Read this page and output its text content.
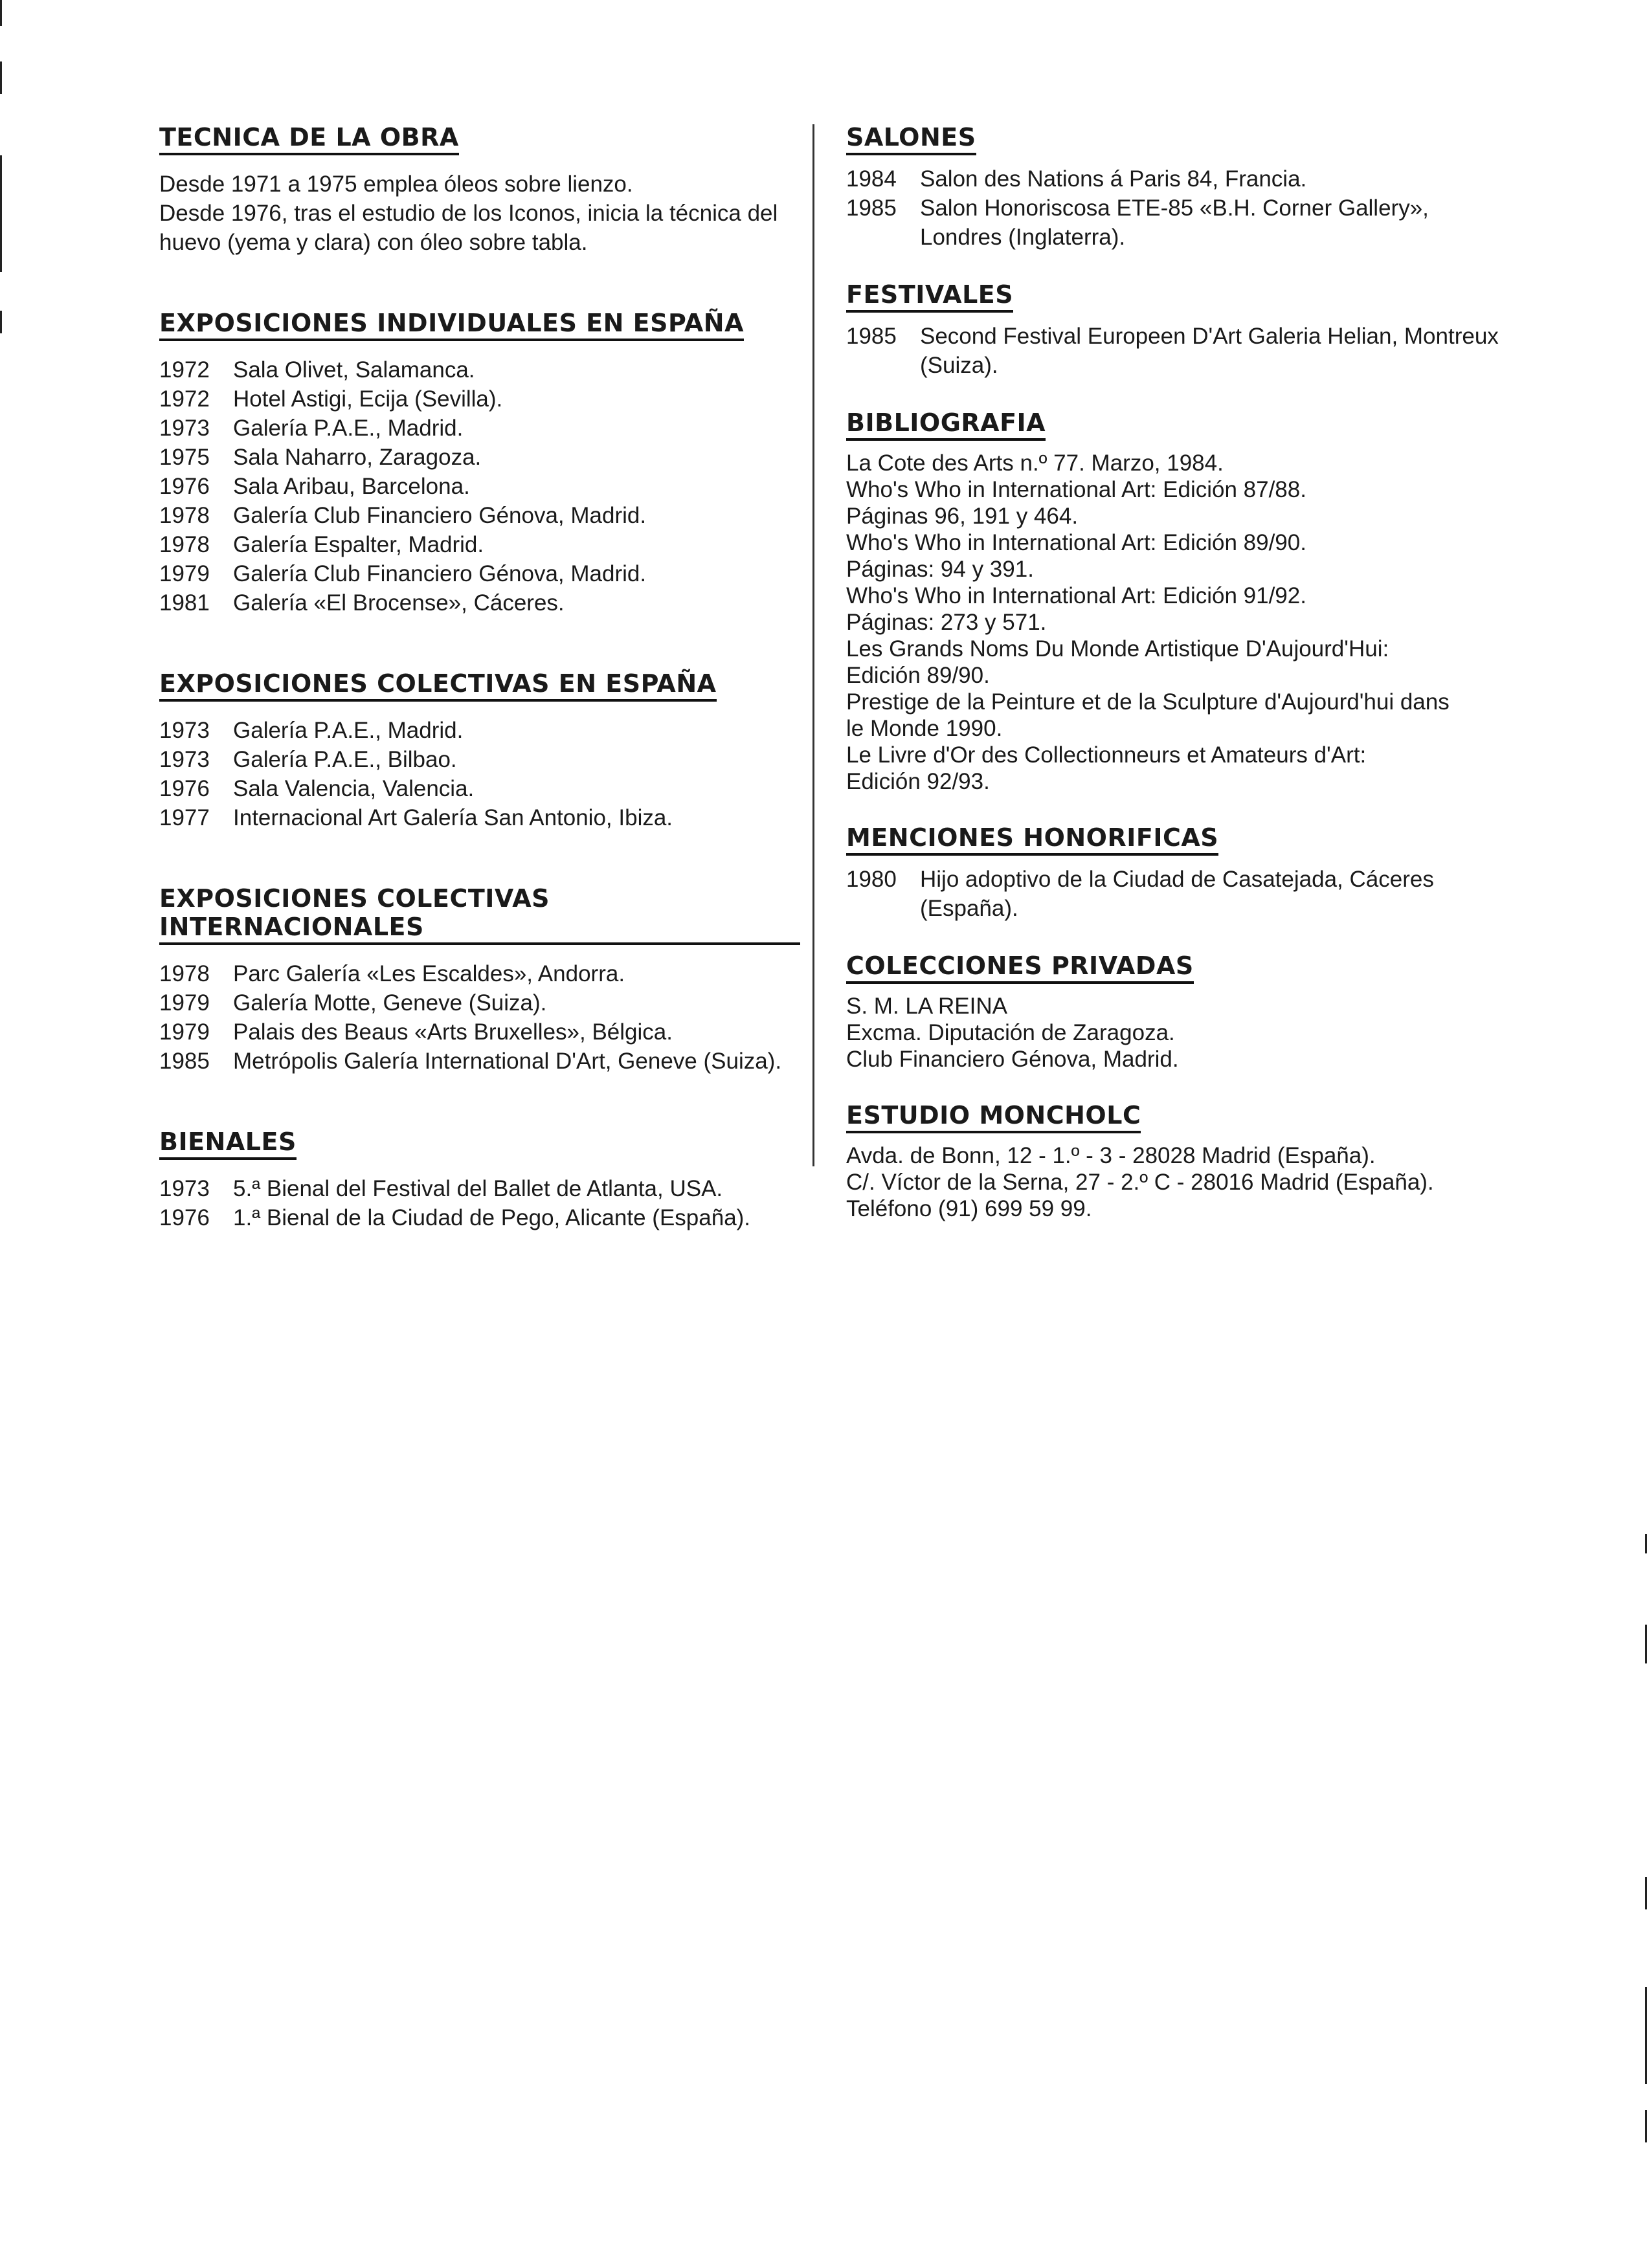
TECNICA DE LA OBRA
Desde 1971 a 1975 emplea óleos sobre lienzo.
Desde 1976, tras el estudio de los Iconos, inicia la técnica del
huevo (yema y clara) con óleo sobre tabla.
EXPOSICIONES INDIVIDUALES EN ESPAÑA
1972	Sala Olivet, Salamanca.
1972	Hotel Astigi, Ecija (Sevilla).
1973	Galería P.A.E., Madrid.
1975	Sala Naharro, Zaragoza.
1976	Sala Aribau, Barcelona.
1978	Galería Club Financiero Génova, Madrid.
1978	Galería Espalter, Madrid.
1979	Galería Club Financiero Génova, Madrid.
1981	Galería «El Brocense», Cáceres.
EXPOSICIONES COLECTIVAS EN ESPAÑA
1973	Galería P.A.E., Madrid.
1973	Galería P.A.E., Bilbao.
1976	Sala Valencia, Valencia.
1977	Internacional Art Galería San Antonio, Ibiza.
EXPOSICIONES COLECTIVAS INTERNACIONALES
1978	Parc Galería «Les Escaldes», Andorra.
1979	Galería Motte, Geneve (Suiza).
1979	Palais des Beaus «Arts Bruxelles», Bélgica.
1985	Metrópolis Galería International D'Art, Geneve (Suiza).
BIENALES
1973	5.ª Bienal del Festival del Ballet de Atlanta, USA.
1976	1.ª Bienal de la Ciudad de Pego, Alicante (España).
SALONES
1984	Salon des Nations á Paris 84, Francia.
1985	Salon Honoriscosa ETE-85 «B.H. Corner Gallery», Londres (Inglaterra).
FESTIVALES
1985	Second Festival Europeen D'Art Galeria Helian, Montreux (Suiza).
BIBLIOGRAFIA
La Cote des Arts n.º 77. Marzo, 1984.
Who's Who in International Art: Edición 87/88.
Páginas 96, 191 y 464.
Who's Who in International Art: Edición 89/90.
Páginas: 94 y 391.
Who's Who in International Art: Edición 91/92.
Páginas: 273 y 571.
Les Grands Noms Du Monde Artistique D'Aujourd'Hui:
Edición 89/90.
Prestige de la Peinture et de la Sculpture d'Aujourd'hui dans
le Monde 1990.
Le Livre d'Or des Collectionneurs et Amateurs d'Art:
Edición 92/93.
MENCIONES HONORIFICAS
1980	Hijo adoptivo de la Ciudad de Casatejada, Cáceres (España).
COLECCIONES PRIVADAS
S. M. LA REINA
Excma. Diputación de Zaragoza.
Club Financiero Génova, Madrid.
ESTUDIO MONCHOLC
Avda. de Bonn, 12 - 1.º - 3 - 28028 Madrid (España).
C/. Víctor de la Serna, 27 - 2.º C - 28016 Madrid (España).
Teléfono (91) 699 59 99.
